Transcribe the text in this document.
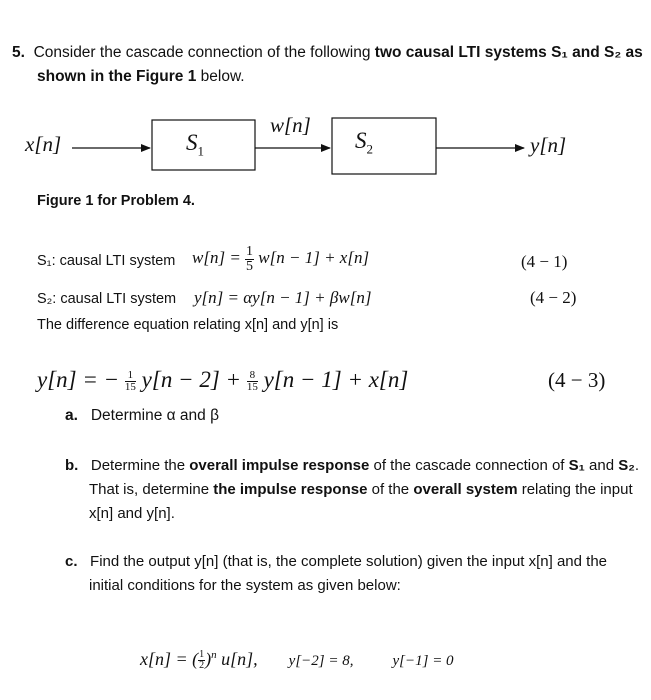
5. Consider the cascade connection of the following two causal LTI systems S₁ and S₂ as
shown in the Figure 1 below.
x[n]	$S_1$
w[n]
$S_2$	y[n]
Figure 1 for Problem 4.
S₁: causal LTI system $w[n] = \frac{1}{5} w[n - 1] + x[n]$	(4 − 1)
S₂: causal LTI system y[n] = αy[n − 1] + βw[n]	(4 − 2)
The difference equation relating x[n] and y[n] is
y[n] = − $\frac{1}{15} y[n - 2] + \frac{8}{15} y[n - 1] + x[n]$	(4 − 3)
a. Determine α and β
b. Determine the overall impulse response of the cascade connection of S₁ and S₂.
That is, determine the impulse response of the overall system relating the input
x[n] and y[n].
c. Find the output y[n] (that is, the complete solution) given the input x[n] and the
initial conditions for the system as given below:
x[n] = ( $\frac{1}{2} )^n$ u[n], y[−2] = 8,	y[−1] = 0
